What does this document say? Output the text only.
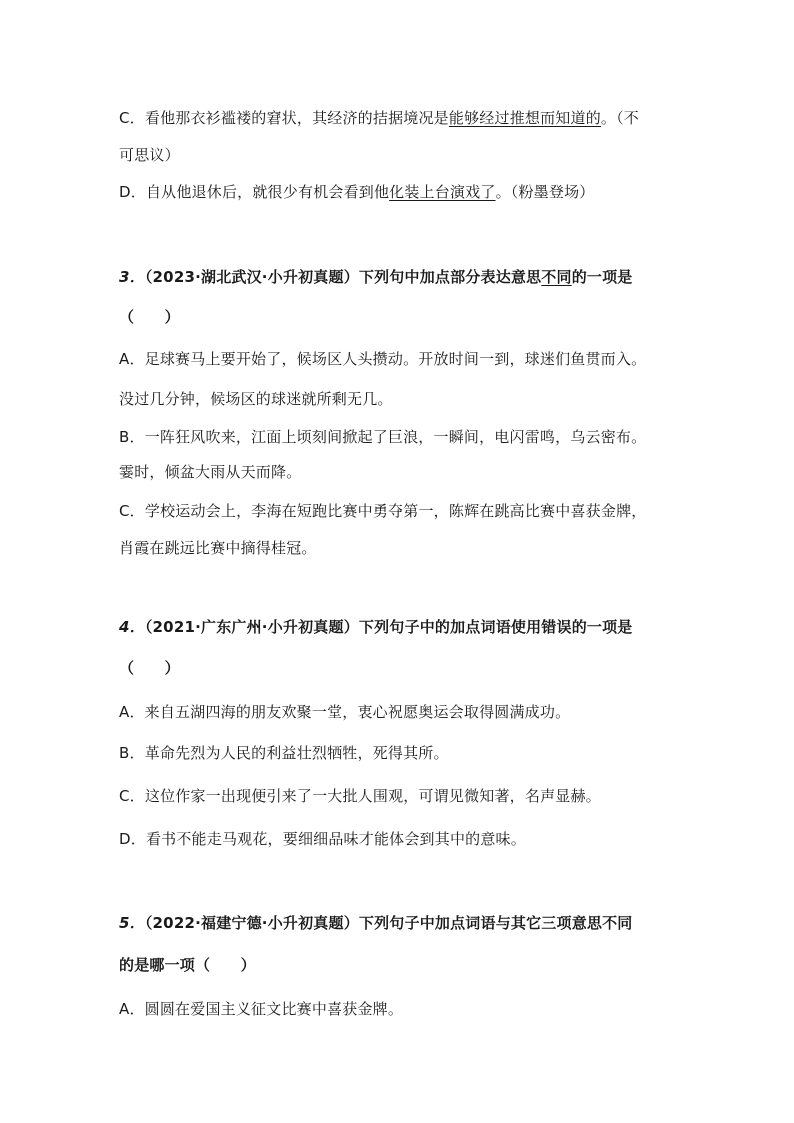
C．看他那衣衫褴褛的窘状，其经济的拮据境况是能够经过推想而知道的。（不
可思议）
D．自从他退休后，就很少有机会看到他化装上台演戏了。（粉墨登场）
3．（2023·湖北武汉·小升初真题）下列句中加点部分表达意思不同的一项是
（　　）
A．足球赛马上要开始了，候场区人头攒动。开放时间一到，球迷们鱼贯而入。
没过几分钟，候场区的球迷就所剩无几。
B．一阵狂风吹来，江面上顷刻间掀起了巨浪，一瞬间，电闪雷鸣，乌云密布。
霎时，倾盆大雨从天而降。
C．学校运动会上，李海在短跑比赛中勇夺第一，陈辉在跳高比赛中喜获金牌，
肖霞在跳远比赛中摘得桂冠。
4．（2021·广东广州·小升初真题）下列句子中的加点词语使用错误的一项是
（　　）
A．来自五湖四海的朋友欢聚一堂，衷心祝愿奥运会取得圆满成功。
B．革命先烈为人民的利益壮烈牺牲，死得其所。
C．这位作家一出现便引来了一大批人围观，可谓见微知著，名声显赫。
D．看书不能走马观花，要细细品味才能体会到其中的意味。
5．（2022·福建宁德·小升初真题）下列句子中加点词语与其它三项意思不同
的是哪一项（　　）
A．圆圆在爱国主义征文比赛中喜获金牌。
